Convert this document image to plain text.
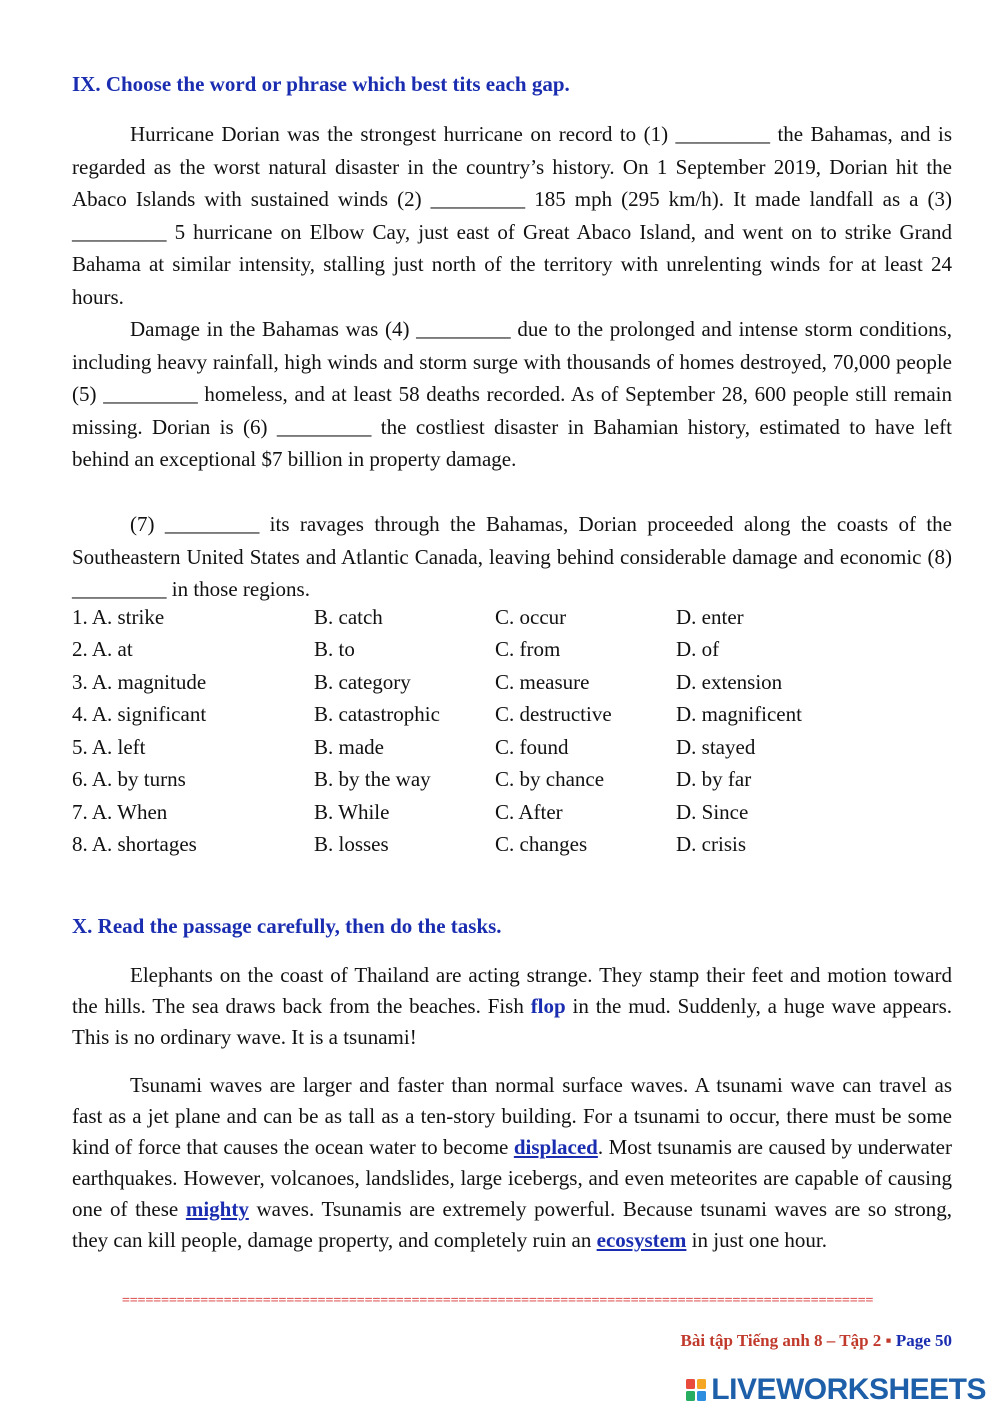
IX. Choose the word or phrase which best tits each gap.

Hurricane Dorian was the strongest hurricane on record to (1) _________ the Bahamas, and is regarded as the worst natural disaster in the country’s history. On 1 September 2019, Dorian hit the Abaco Islands with sustained winds (2) _________ 185 mph (295 km/h). It made landfall as a (3) _________ 5 hurricane on Elbow Cay, just east of Great Abaco Island, and went on to strike Grand Bahama at similar intensity, stalling just north of the territory with unrelenting winds for at least 24 hours.

Damage in the Bahamas was (4) _________ due to the prolonged and intense storm conditions, including heavy rainfall, high winds and storm surge with thousands of homes destroyed, 70,000 people (5) _________ homeless, and at least 58 deaths recorded. As of September 28, 600 people still remain missing. Dorian is (6) _________ the costliest disaster in Bahamian history, estimated to have left behind an exceptional $7 billion in property damage.

(7) _________ its ravages through the Bahamas, Dorian proceeded along the coasts of the Southeastern United States and Atlantic Canada, leaving behind considerable damage and economic (8) _________ in those regions.

1. A. strike	B. catch	C. occur	D. enter
2. A. at	B. to	C. from	D. of
3. A. magnitude	B. category	C. measure	D. extension
4. A. significant	B. catastrophic	C. destructive	D. magnificent
5. A. left	B. made	C. found	D. stayed
6. A. by turns	B. by the way	C. by chance	D. by far
7. A. When	B. While	C. After	D. Since
8. A. shortages	B. losses	C. changes	D. crisis
X. Read the passage carefully, then do the tasks.

Elephants on the coast of Thailand are acting strange. They stamp their feet and motion toward the hills. The sea draws back from the beaches. Fish flop in the mud. Suddenly, a huge wave appears. This is no ordinary wave. It is a tsunami!

Tsunami waves are larger and faster than normal surface waves. A tsunami wave can travel as fast as a jet plane and can be as tall as a ten-story building. For a tsunami to occur, there must be some kind of force that causes the ocean water to become displaced. Most tsunamis are caused by underwater earthquakes. However, volcanoes, landslides, large icebergs, and even meteorites are capable of causing one of these mighty waves. Tsunamis are extremely powerful. Because tsunami waves are so strong, they can kill people, damage property, and completely ruin an ecosystem in just one hour.

================================================================================================
Bài tập Tiếng anh 8 – Tập 2 ▪ Page 50
LIVEWORKSHEETS
